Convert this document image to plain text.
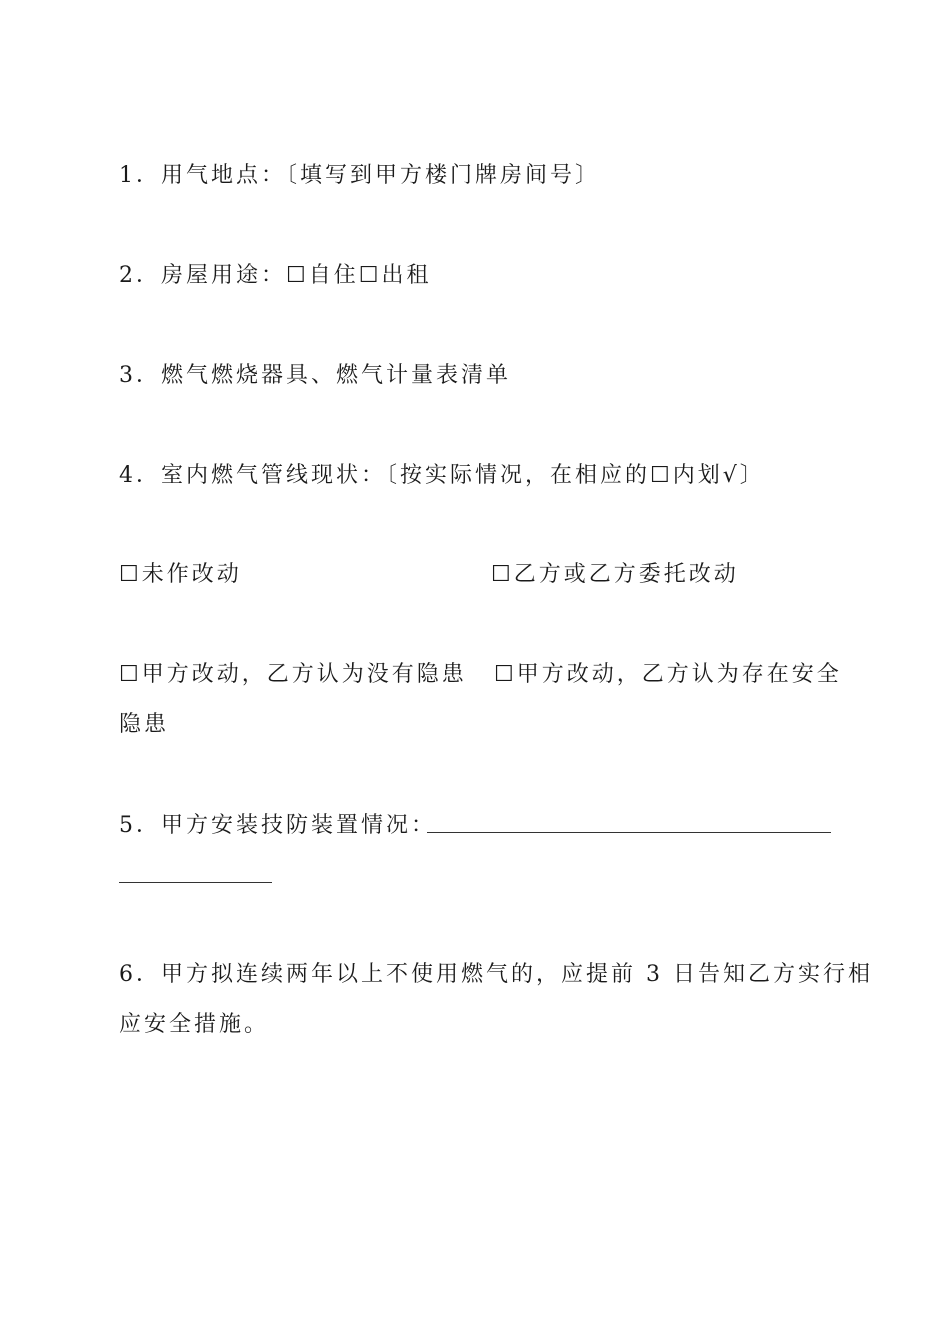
1．用气地点：〔填写到甲方楼门牌房间号〕
2．房屋用途：☐自住☐出租
3．燃气燃烧器具、燃气计量表清单
4．室内燃气管线现状：〔按实际情况，在相应的☐内划√〕
☐未作改动	☐乙方或乙方委托改动
☐甲方改动，乙方认为没有隐患 ☐甲方改动，乙方认为存在安全
隐患
5．甲方安装技防装置情况：
6．甲方拟连续两年以上不使用燃气的，应提前 3 日告知乙方实行相
应安全措施。
